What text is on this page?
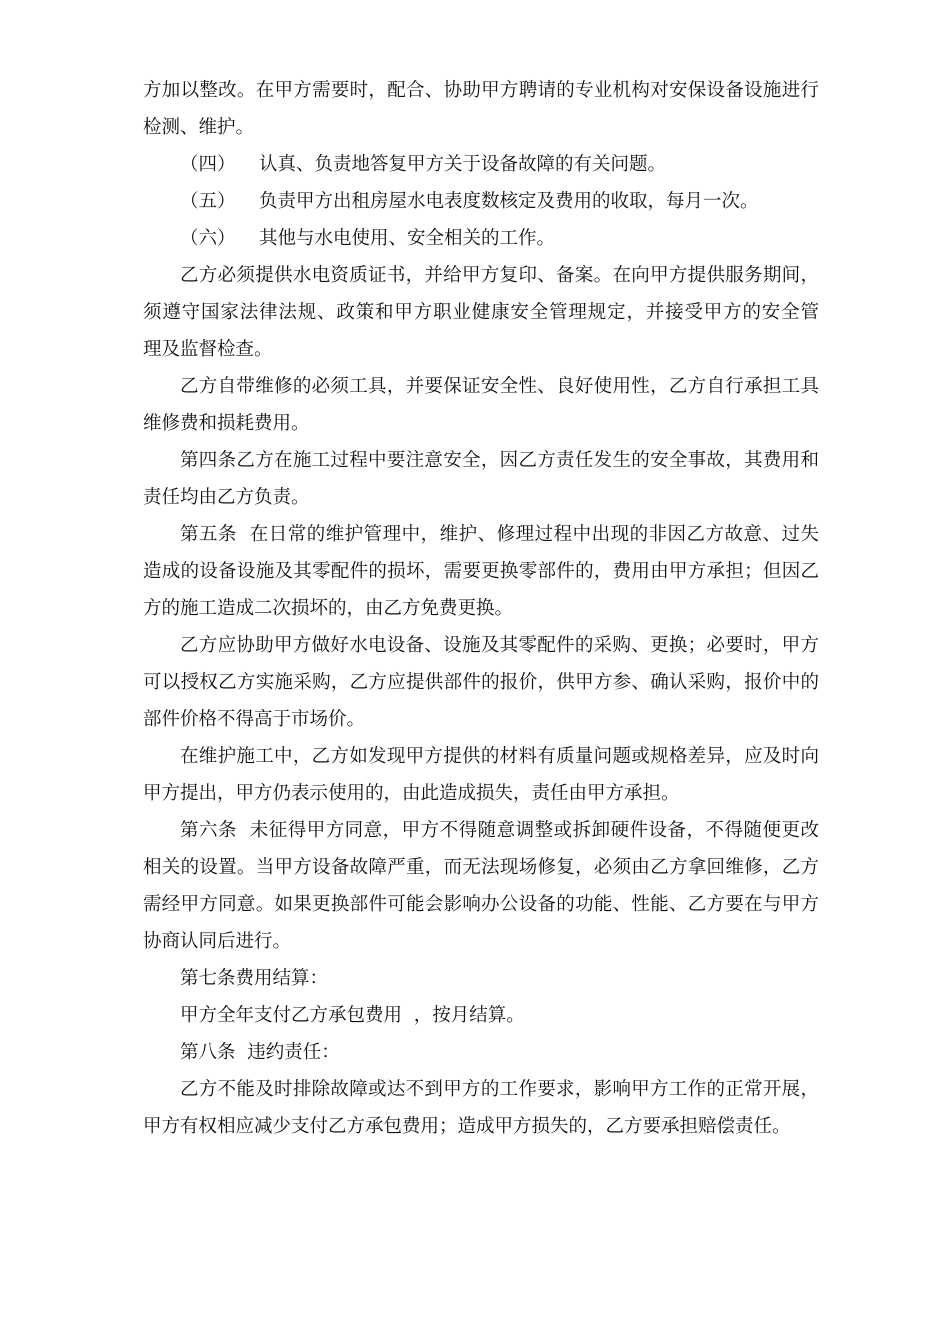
方加以整改。在甲方需要时，配合、协助甲方聘请的专业机构对安保设备设施进行检测、维护。

（四）    认真、负责地答复甲方关于设备故障的有关问题。

（五）    负责甲方出租房屋水电表度数核定及费用的收取，每月一次。

（六）    其他与水电使用、安全相关的工作。

乙方必须提供水电资质证书，并给甲方复印、备案。在向甲方提供服务期间，  须遵守国家法律法规、政策和甲方职业健康安全管理规定，并接受甲方的安全管  理及监督检查。

乙方自带维修的必须工具，并要保证安全性、良好使用性，乙方自行承担工具维修费和损耗费用。

第四条乙方在施工过程中要注意安全，因乙方责任发生的安全事故，其费用和责任均由乙方负责。

第五条  在日常的维护管理中，维护、修理过程中出现的非因乙方故意、过失造成的设备设施及其零配件的损坏，需要更换零部件的，费用由甲方承担；但因乙方的施工造成二次损坏的，由乙方免费更换。

乙方应协助甲方做好水电设备、设施及其零配件的采购、更换；必要时，甲方可以授权乙方实施采购，乙方应提供部件的报价，供甲方参、确认采购，报价中的部件价格不得高于市场价。

在维护施工中，乙方如发现甲方提供的材料有质量问题或规格差异，应及时向甲方提出，甲方仍表示使用的，由此造成损失，责任由甲方承担。

第六条  未征得甲方同意，甲方不得随意调整或拆卸硬件设备，不得随便更改相关的设置。当甲方设备故障严重，而无法现场修复，必须由乙方拿回维修，乙方需经甲方同意。如果更换部件可能会影响办公设备的功能、性能、乙方要在与甲方协商认同后进行。

第七条费用结算：

甲方全年支付乙方承包费用  ，按月结算。

第八条  违约责任：

乙方不能及时排除故障或达不到甲方的工作要求，影响甲方工作的正常开展，甲方有权相应减少支付乙方承包费用；造成甲方损失的，乙方要承担赔偿责任。
